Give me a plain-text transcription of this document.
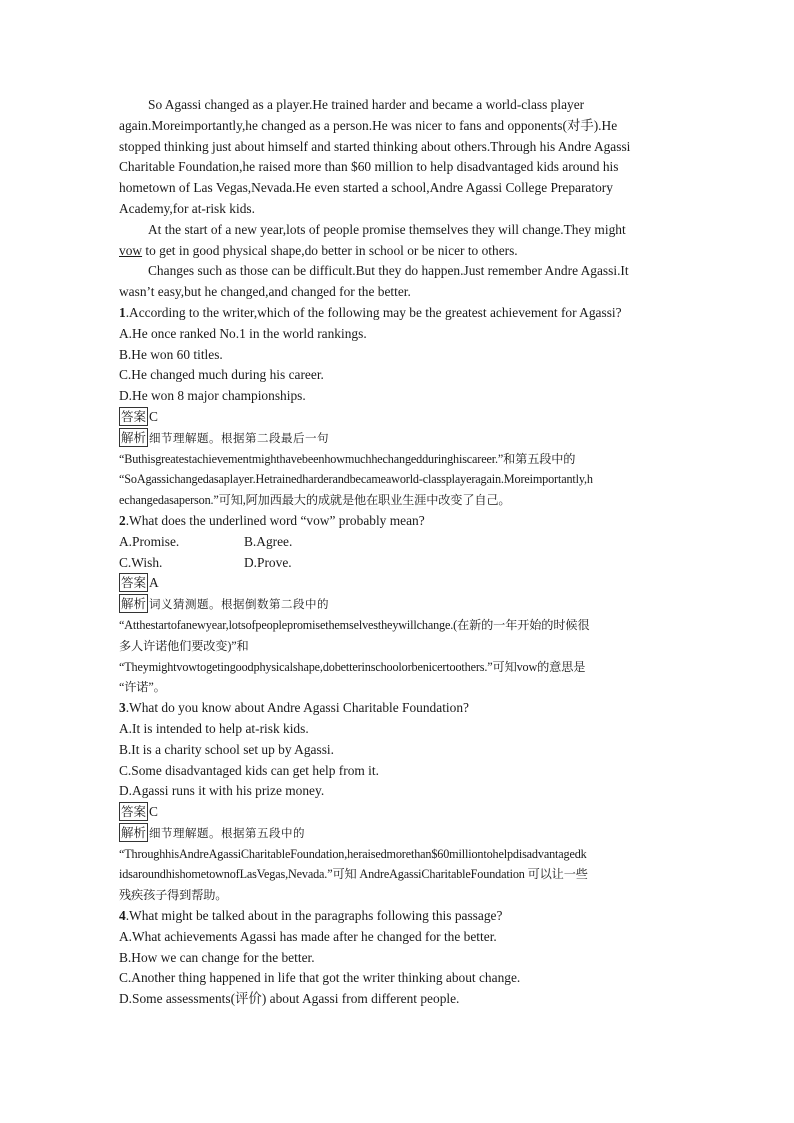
So Agassi changed as a player.He trained harder and became a world-class player
again.Moreimportantly,he changed as a person.He was nicer to fans and opponents(对手).He
stopped thinking just about himself and started thinking about others.Through his Andre Agassi
Charitable Foundation,he raised more than $60 million to help disadvantaged kids around his
hometown of Las Vegas,Nevada.He even started a school,Andre Agassi College Preparatory
Academy,for at-risk kids.
At the start of a new year,lots of people promise themselves they will change.They might
vow to get in good physical shape,do better in school or be nicer to others.
Changes such as those can be difficult.But they do happen.Just remember Andre Agassi.It
wasn’t easy,but he changed,and changed for the better.
1.According to the writer,which of the following may be the greatest achievement for Agassi?
A.He once ranked No.1 in the world rankings.
B.He won 60 titles.
C.He changed much during his career.
D.He won 8 major championships.
答案 C
解析 细节理解题。根据第二段最后一句
“Buthisgreatestachievementmighthavebeenhowmuchhechangedduringhiscareer.”和第五段中的
“SoAgassichangedasaplayer.Hetrainedharderandbecameaworld-classplayeragain.Moreimportantly,h
echangedasaperson.”可知,阿加西最大的成就是他在职业生涯中改变了自己。
2.What does the underlined word “vow” probably mean?
A.Promise.	B.Agree.
C.Wish.	D.Prove.
答案 A
解析 词义猜测题。根据倒数第二段中的
“Atthestartofanewyear,lotsofpeoplepromisethemselvestheywillchange.(在新的一年开始的时候很
多人许诺他们要改变)”和
“Theymightvowtogetingoodphysicalshape,dobetterinschoolorbenicertoothers.”可知vow的意思是
“许诺”。
3.What do you know about Andre Agassi Charitable Foundation?
A.It is intended to help at-risk kids.
B.It is a charity school set up by Agassi.
C.Some disadvantaged kids can get help from it.
D.Agassi runs it with his prize money.
答案 C
解析 细节理解题。根据第五段中的
“ThroughhisAndreAgassiCharitableFoundation,heraisedmorethan$60milliontohelpdisadvantagedk
idsaroundhishometownofLasVegas,Nevada.”可知 AndreAgassiCharitableFoundation 可以让一些
残疾孩子得到帮助。
4.What might be talked about in the paragraphs following this passage?
A.What achievements Agassi has made after he changed for the better.
B.How we can change for the better.
C.Another thing happened in life that got the writer thinking about change.
D.Some assessments(评价) about Agassi from different people.
